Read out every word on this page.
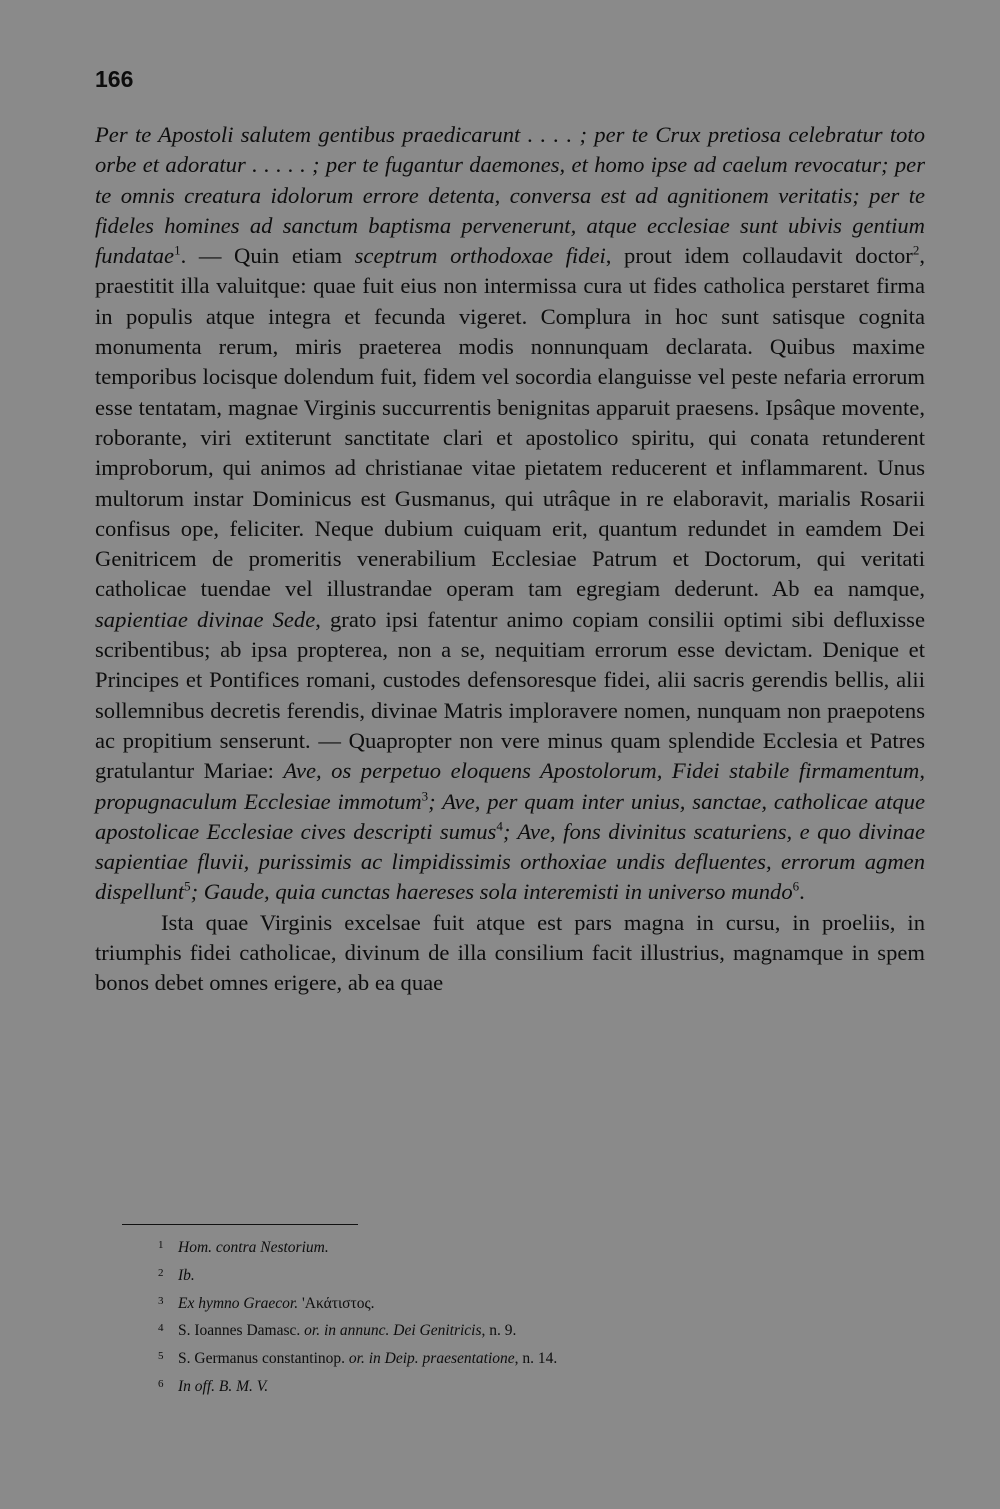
166

Per te Apostoli salutem gentibus praedicarunt . . . . ; per te Crux pretiosa celebratur toto orbe et adoratur . . . . . ; per te fugantur daemones, et homo ipse ad caelum revocatur; per te omnis creatura idolorum errore detenta, conversa est ad agnitionem veritatis; per te fideles homines ad sanctum baptisma pervenerunt, atque ecclesiae sunt ubivis gentium fundatae$^1$. — Quin etiam sceptrum orthodoxae fidei, prout idem collaudavit doctor$^2$, praestitit illa valuitque: quae fuit eius non intermissa cura ut fides catholica perstaret firma in populis atque integra et fecunda vigeret. Complura in hoc sunt satisque cognita monumenta rerum, miris praeterea modis nonnunquam declarata. Quibus maxime temporibus locisque dolendum fuit, fidem vel socordia elanguisse vel peste nefaria errorum esse tentatam, magnae Virginis succurrentis benignitas apparuit praesens. Ipsâque movente, roborante, viri extiterunt sanctitate clari et apostolico spiritu, qui conata retunderent improborum, qui animos ad christianae vitae pietatem reducerent et inflammarent. Unus multorum instar Dominicus est Gusmanus, qui utrâque in re elaboravit, marialis Rosarii confisus ope, feliciter. Neque dubium cuiquam erit, quantum redundet in eamdem Dei Genitricem de promeritis venerabilium Ecclesiae Patrum et Doctorum, qui veritati catholicae tuendae vel illustrandae operam tam egregiam dederunt. Ab ea namque, sapientiae divinae Sede, grato ipsi fatentur animo copiam consilii optimi sibi defluxisse scribentibus; ab ipsa propterea, non a se, nequitiam errorum esse devictam. Denique et Principes et Pontifices romani, custodes defensoresque fidei, alii sacris gerendis bellis, alii sollemnibus decretis ferendis, divinae Matris imploravere nomen, nunquam non praepotens ac propitium senserunt. — Quapropter non vere minus quam splendide Ecclesia et Patres gratulantur Mariae: Ave, os perpetuo eloquens Apostolorum, Fidei stabile firmamentum, propugnaculum Ecclesiae immotum$^3$; Ave, per quam inter unius, sanctae, catholicae atque apostolicae Ecclesiae cives descripti sumus$^4$; Ave, fons divinitus scaturiens, e quo divinae sapientiae fluvii, purissimis ac limpidissimis orthoxiae undis defluentes, errorum agmen dispellunt$^5$; Gaude, quia cunctas haereses sola interemisti in universo mundo$^6$.

Ista quae Virginis excelsae fuit atque est pars magna in cursu, in proeliis, in triumphis fidei catholicae, divinum de illa consilium facit illustrius, magnamque in spem bonos debet omnes erigere, ab ea quae

1 Hom. contra Nestorium.
2 Ib.
3 Ex hymno Graecor. 'Ακάτιστος.
4 S. Ioannes Damasc. or. in annunc. Dei Genitricis, n. 9.
5 S. Germanus constantinop. or. in Deip. praesentatione, n. 14.
6 In off. B. M. V.
